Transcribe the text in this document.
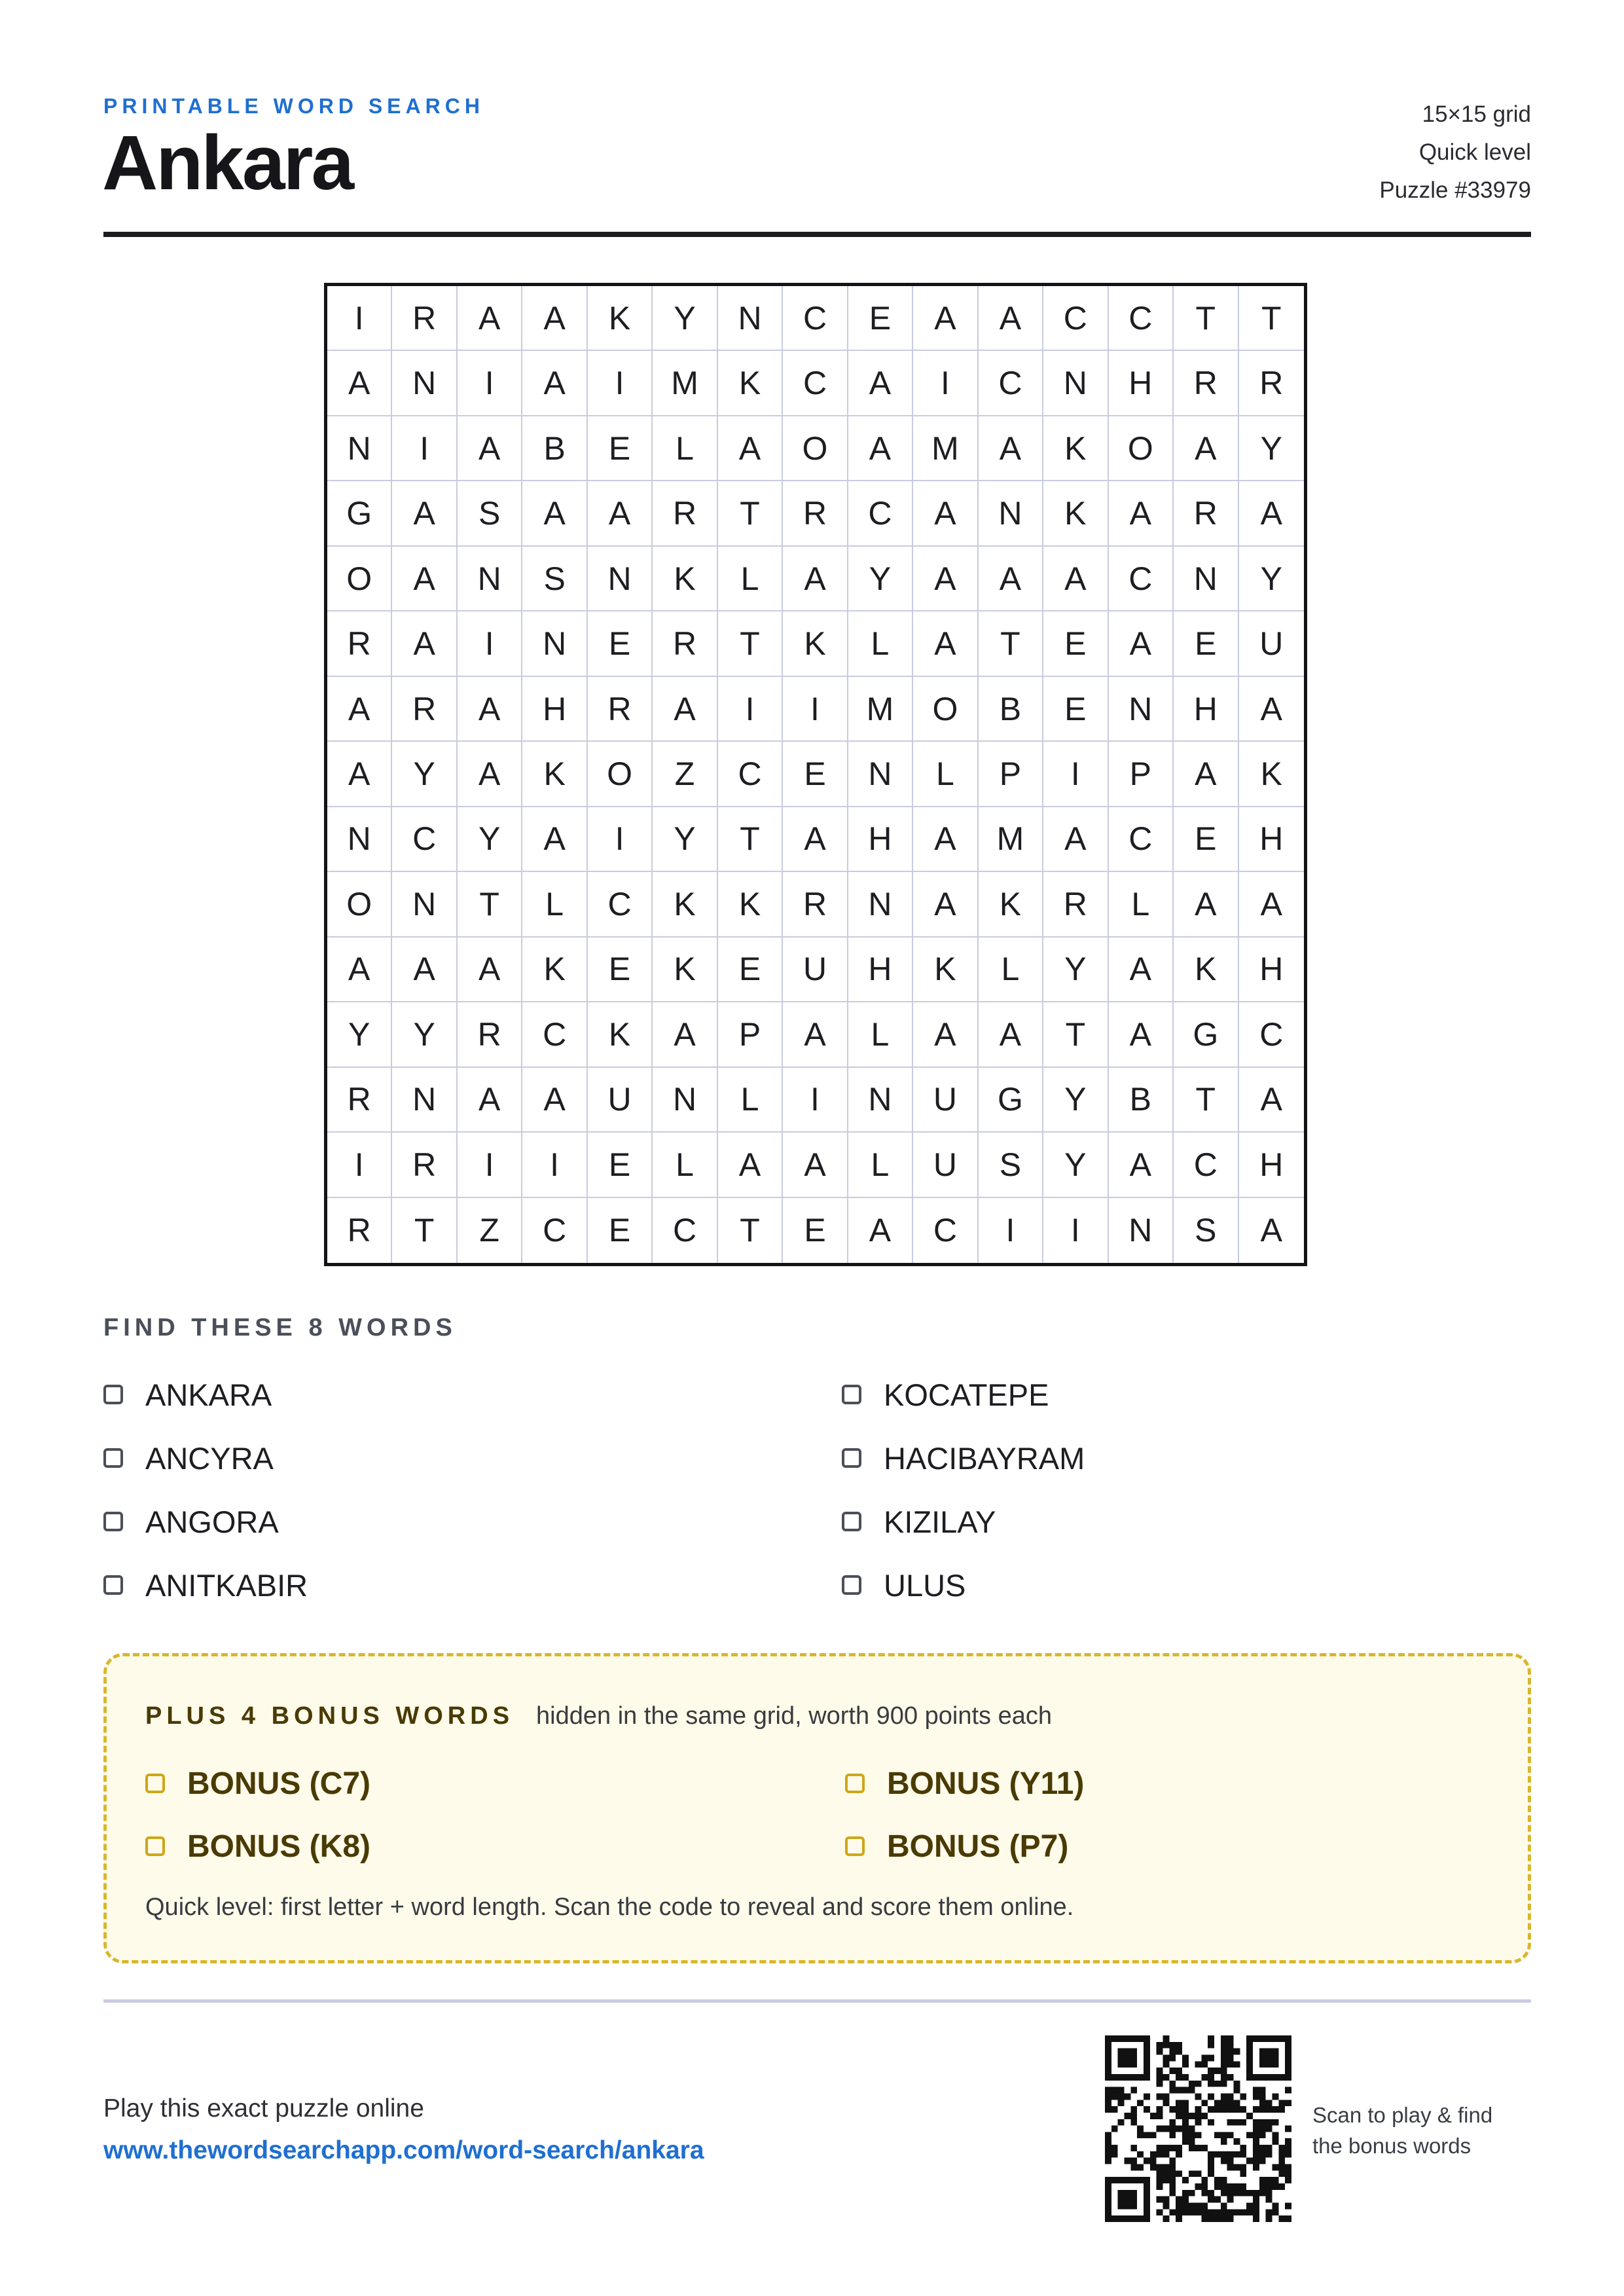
PRINTABLE WORD SEARCH
Ankara
15×15 grid
Quick level
Puzzle #33979
I	R	A	A	K	Y	N	C	E	A	A	C	C	T	T
A	N	I	A	I	M	K	C	A	I	C	N	H	R	R
N	I	A	B	E	L	A	O	A	M	A	K	O	A	Y
G	A	S	A	A	R	T	R	C	A	N	K	A	R	A
O	A	N	S	N	K	L	A	Y	A	A	A	C	N	Y
R	A	I	N	E	R	T	K	L	A	T	E	A	E	U
A	R	A	H	R	A	I	I	M	O	B	E	N	H	A
A	Y	A	K	O	Z	C	E	N	L	P	I	P	A	K
N	C	Y	A	I	Y	T	A	H	A	M	A	C	E	H
O	N	T	L	C	K	K	R	N	A	K	R	L	A	A
A	A	A	K	E	K	E	U	H	K	L	Y	A	K	H
Y	Y	R	C	K	A	P	A	L	A	A	T	A	G	C
R	N	A	A	U	N	L	I	N	U	G	Y	B	T	A
I	R	I	I	E	L	A	A	L	U	S	Y	A	C	H
R	T	Z	C	E	C	T	E	A	C	I	I	N	S	A
FIND THESE 8 WORDS
ANKARA	KOCATEPE
ANCYRA	HACIBAYRAM
ANGORA	KIZILAY
ANITKABIR	ULUS
PLUS 4 BONUS WORDS hidden in the same grid, worth 900 points each
BONUS (C7)	BONUS (Y11)
BONUS (K8)	BONUS (P7)
Quick level: first letter + word length. Scan the code to reveal and score them online.
Play this exact puzzle online
www.thewordsearchapp.com/word-search/ankara
Scan to play & find
the bonus words
